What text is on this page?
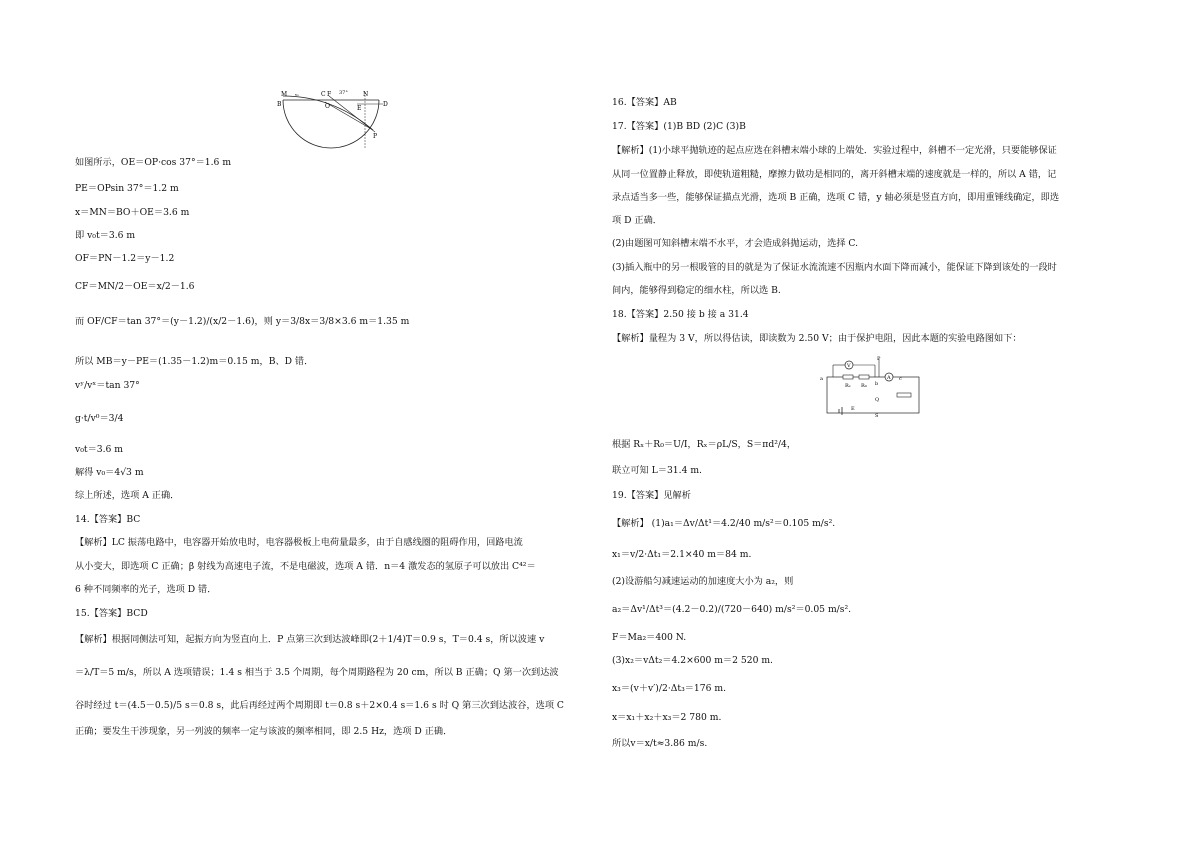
B
M v₀	C F 37°	N
D
O	E
P
如图所示，OE＝OP·cos 37°＝1.6 m
PE＝OPsin 37°＝1.2 m
x＝MN＝BO＋OE＝3.6 m
即 v₀t＝3.6 m
OF＝PN－1.2＝y－1.2
CF＝MN/2－OE＝x/2－1.6
而 OF/CF＝tan 37°＝(y－1.2)/(x/2－1.6)，则 y＝3/8x＝3/8×3.6 m＝1.35 m
所以 MB＝y－PE＝(1.35－1.2)m＝0.15 m，B、D 错．
vʸ/vˣ＝tan 37°
g·t/v⁰＝3/4
v₀t＝3.6 m
解得 v₀＝4√3 m
综上所述，选项 A 正确．
14.【答案】BC
【解析】LC 振荡电路中，电容器开始放电时，电容器极板上电荷量最多，由于自感线圈的阻碍作用，回路电流
从小变大，即选项 C 正确；β 射线为高速电子流，不是电磁波，选项 A 错．n＝4 激发态的氢原子可以放出 C⁴²＝
6 种不同频率的光子，选项 D 错．
15.【答案】BCD
【解析】根据同侧法可知，起振方向为竖直向上．P 点第三次到达波峰即(2＋1/4)T＝0.9 s，T＝0.4 s，所以波速 v
＝λ/T＝5 m/s，所以 A 选项错误；1.4 s 相当于 3.5 个周期，每个周期路程为 20 cm，所以 B 正确；Q 第一次到达波
谷时经过 t＝(4.5－0.5)/5 s＝0.8 s，此后再经过两个周期即 t＝0.8 s＋2×0.4 s＝1.6 s 时 Q 第三次到达波谷，选项 C
正确；要发生干涉现象，另一列波的频率一定与该波的频率相同，即 2.5 Hz，选项 D 正确．
16.【答案】AB
17.【答案】(1)B BD (2)C (3)B
【解析】(1)小球平抛轨迹的起点应选在斜槽末端小球的上端处．实验过程中，斜槽不一定光滑，只要能够保证
从同一位置静止释放，即使轨道粗糙，摩擦力做功是相同的，离开斜槽末端的速度就是一样的，所以 A 错，记
录点适当多一些，能够保证描点光滑，选项 B 正确，选项 C 错，y 轴必须是竖直方向，即用重锤线确定，即选
项 D 正确．
(2)由题图可知斜槽末端不水平，才会造成斜抛运动，选择 C.
(3)插入瓶中的另一根吸管的目的就是为了保证水流流速不因瓶内水面下降而减小，能保证下降到该处的一段时
间内，能够得到稳定的细水柱，所以选 B.
18.【答案】2.50 接 b 接 a 31.4
【解析】量程为 3 V，所以得估读，即读数为 2.50 V；由于保护电阻，因此本题的实验电路图如下：
V
A
P
a
b
c
Rₓ R₀
Q
E
S
根据 Rₓ＋R₀＝U/I，Rₓ＝ρL/S，S＝πd²/4，
联立可知 L＝31.4 m.
19.【答案】见解析
【解析】 (1)a₁＝Δv/Δt¹＝4.2/40 m/s²＝0.105 m/s².
x₁＝v/2·Δt₁＝2.1×40 m＝84 m.
(2)设游船匀减速运动的加速度大小为 a₂，则
a₂＝Δv¹/Δt³＝(4.2－0.2)/(720－640) m/s²＝0.05 m/s².
F＝Ma₂＝400 N.
(3)x₂＝vΔt₂＝4.2×600 m＝2 520 m.
x₃＝(v＋v′)/2·Δt₃＝176 m.
x＝x₁＋x₂＋x₃＝2 780 m.
所以v＝x/t≈3.86 m/s.
